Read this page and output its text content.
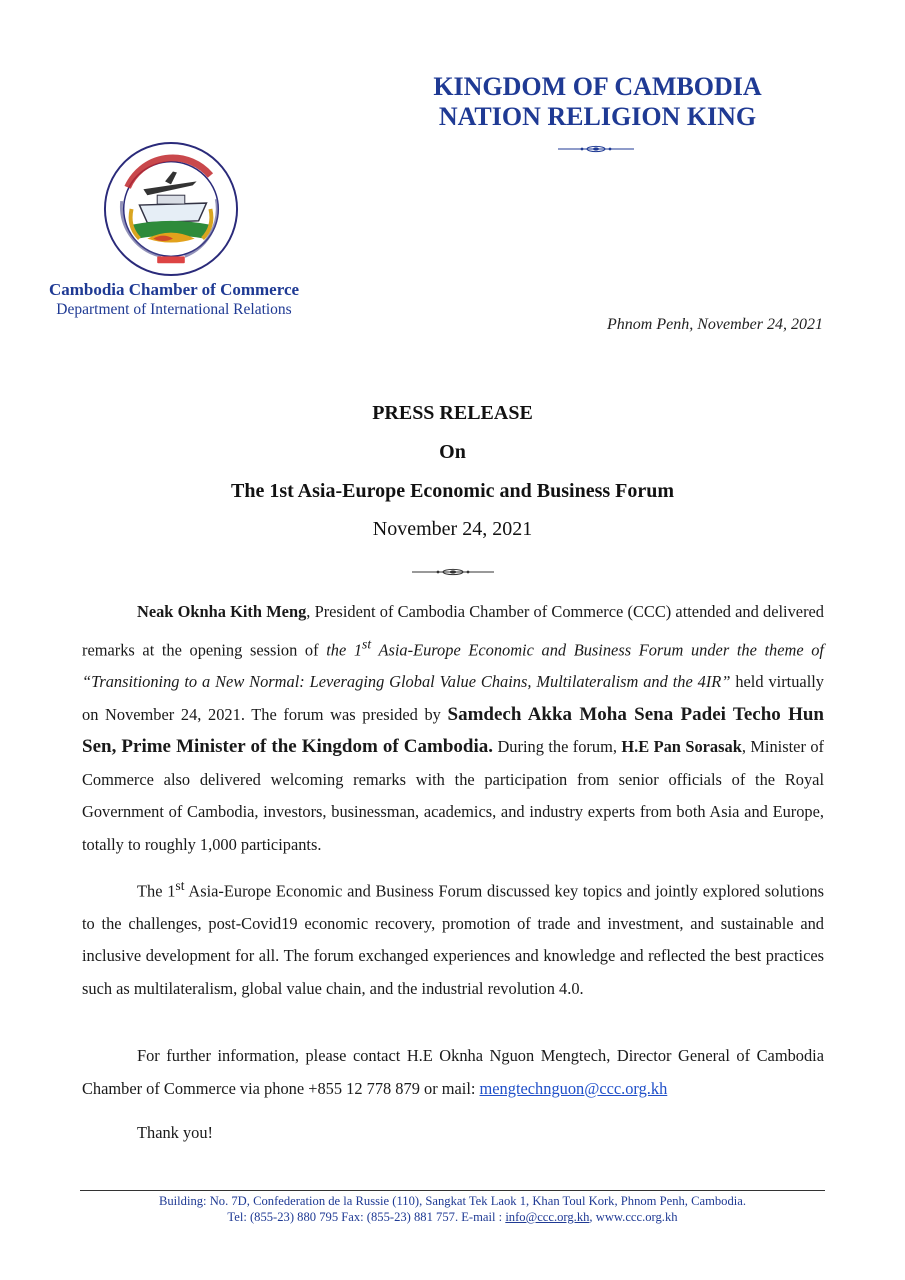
KINGDOM OF CAMBODIA
NATION RELIGION KING
Cambodia Chamber of Commerce
Department of International Relations
Phnom Penh, November 24, 2021
PRESS RELEASE
On
The 1st Asia-Europe Economic and Business Forum
November 24, 2021

Neak Oknha Kith Meng, President of Cambodia Chamber of Commerce (CCC) attended and delivered remarks at the opening session of the 1st Asia-Europe Economic and Business Forum under the theme of “Transitioning to a New Normal: Leveraging Global Value Chains, Multilateralism and the 4IR” held virtually on November 24, 2021. The forum was presided by Samdech Akka Moha Sena Padei Techo Hun Sen, Prime Minister of the Kingdom of Cambodia. During the forum, H.E Pan Sorasak, Minister of Commerce also delivered welcoming remarks with the participation from senior officials of the Royal Government of Cambodia, investors, businessman, academics, and industry experts from both Asia and Europe, totally to roughly 1,000 participants.

The 1st Asia-Europe Economic and Business Forum discussed key topics and jointly explored solutions to the challenges, post-Covid19 economic recovery, promotion of trade and investment, and sustainable and inclusive development for all. The forum exchanged experiences and knowledge and reflected the best practices such as multilateralism, global value chain, and the industrial revolution 4.0.

For further information, please contact H.E Oknha Nguon Mengtech, Director General of Cambodia Chamber of Commerce via phone +855 12 778 879 or mail: mengtechnguon@ccc.org.kh

Thank you!

Building: No. 7D, Confederation de la Russie (110), Sangkat Tek Laok 1, Khan Toul Kork, Phnom Penh, Cambodia.
Tel: (855-23) 880 795 Fax: (855-23) 881 757. E-mail : info@ccc.org.kh, www.ccc.org.kh
